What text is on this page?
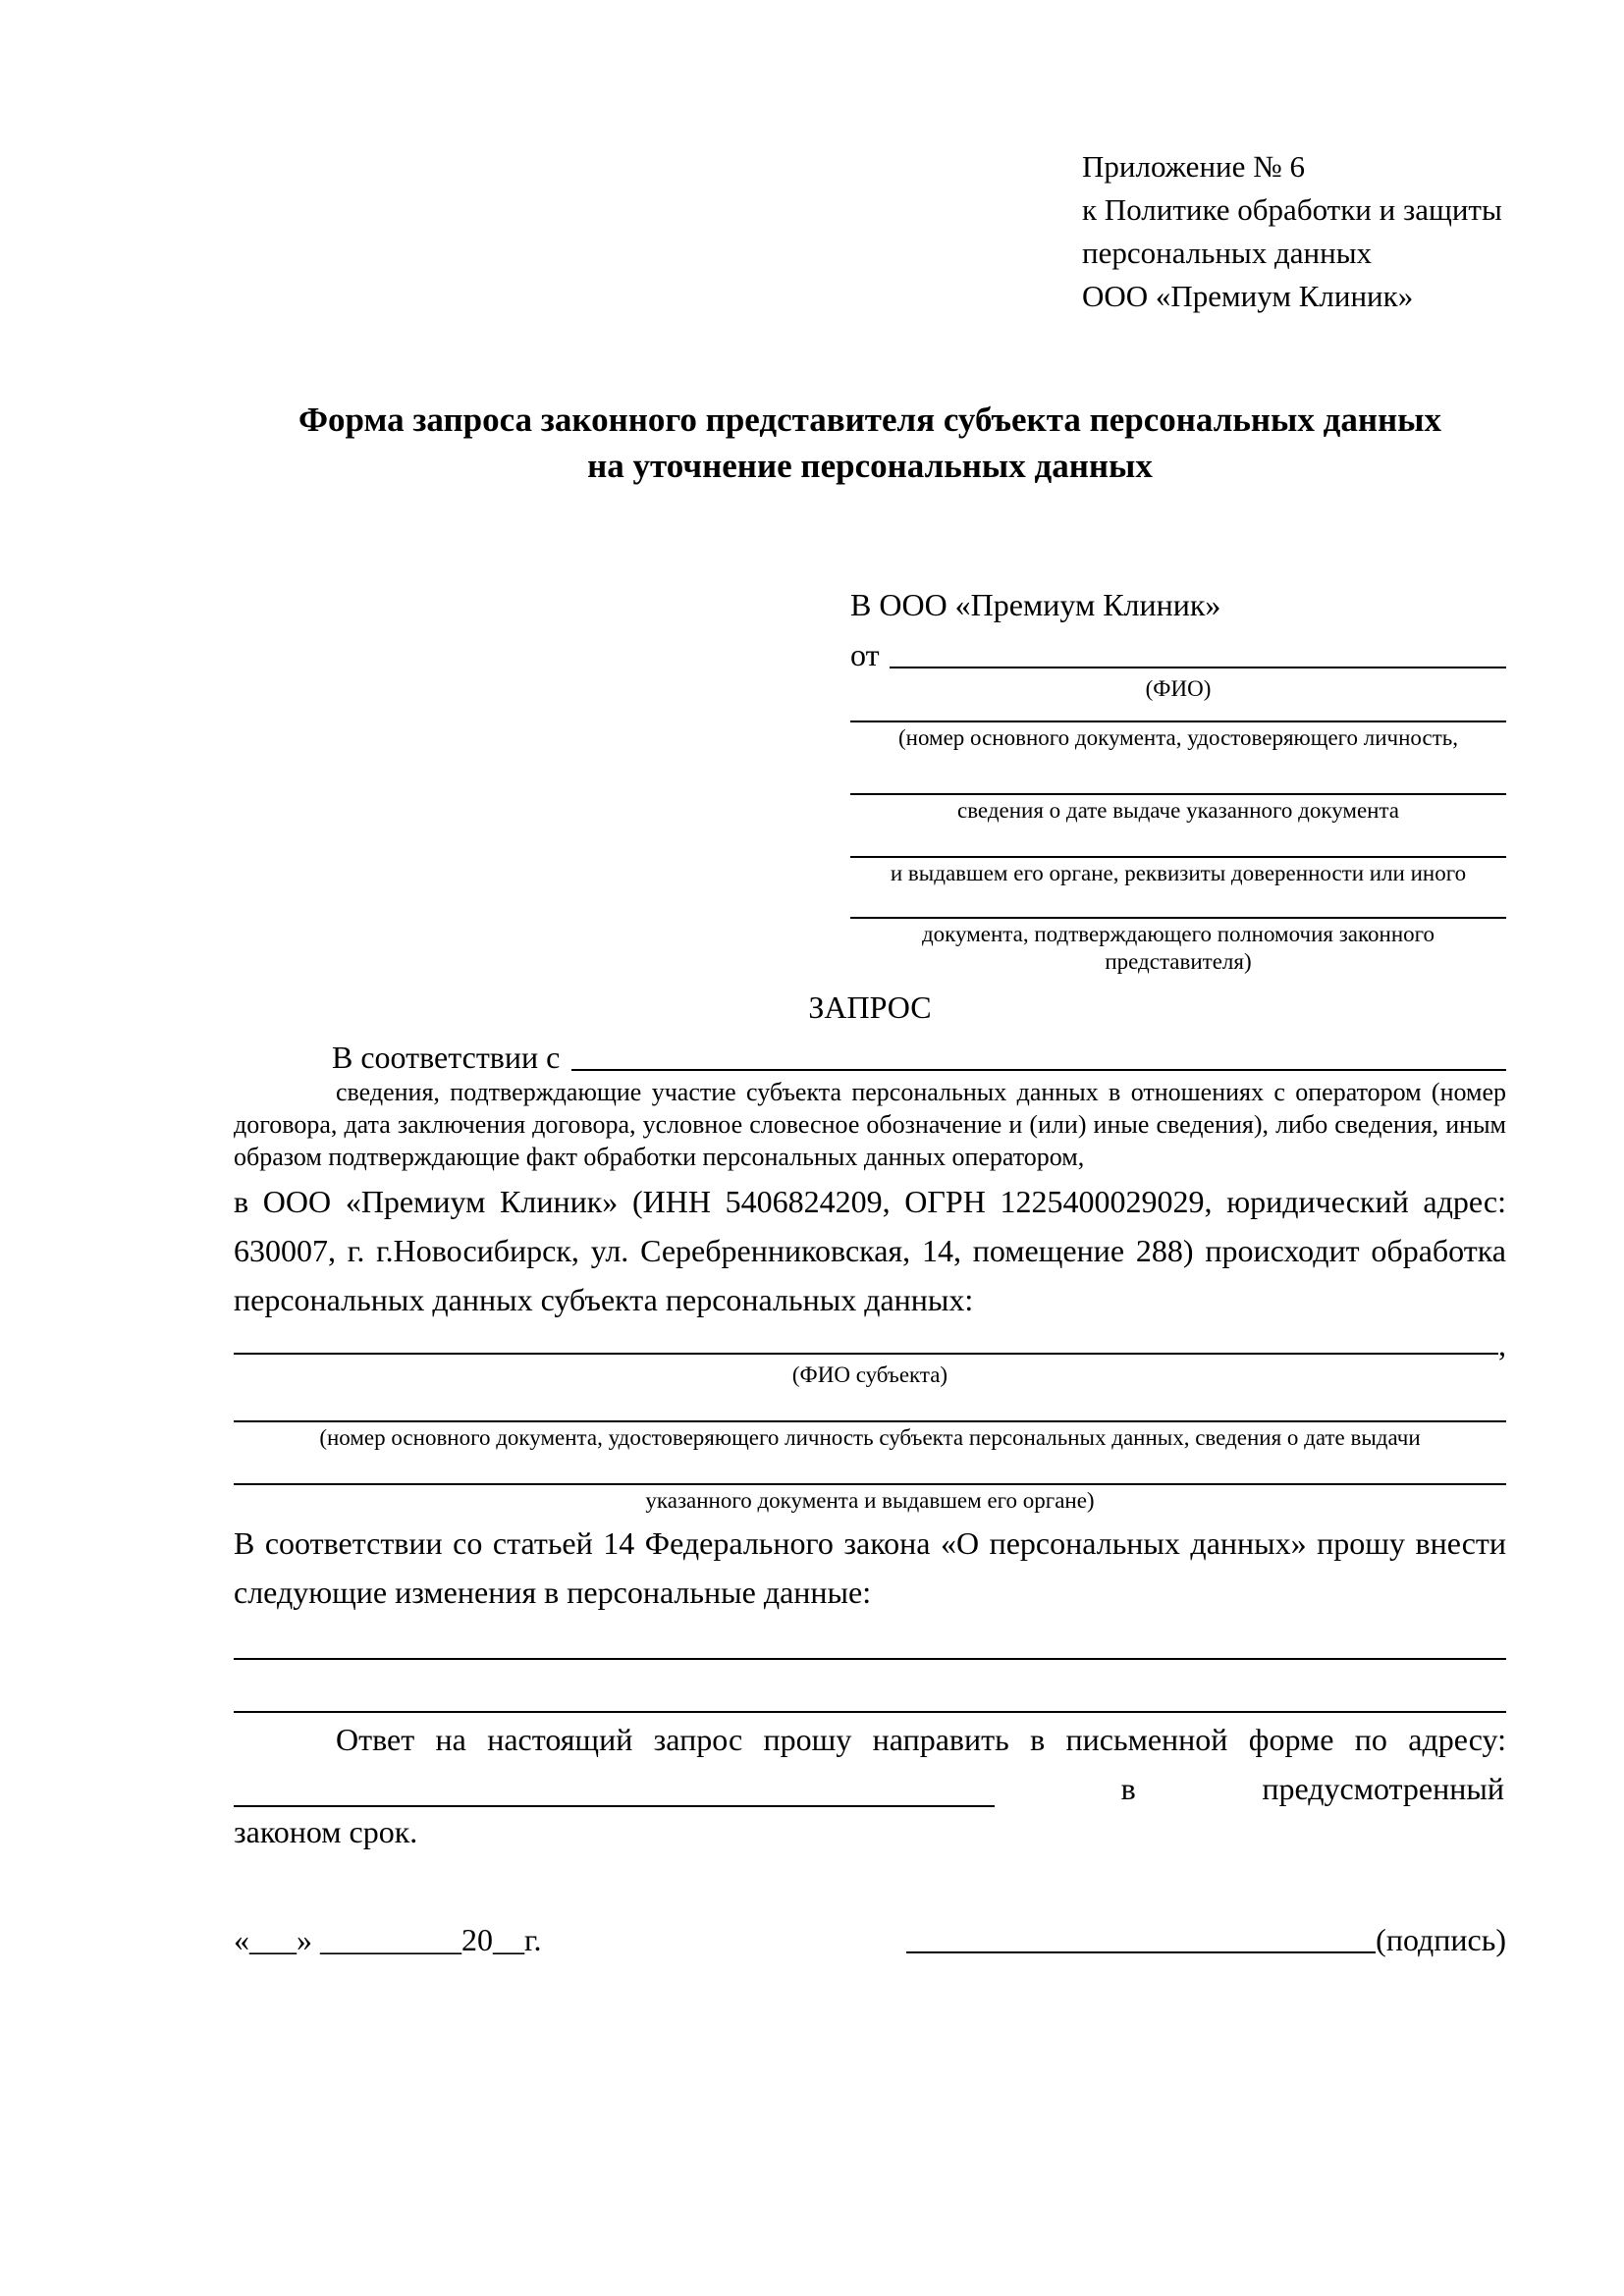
Приложение № 6
к Политике обработки и защиты
персональных данных
ООО «Премиум Клиник»
Форма запроса законного представителя субъекта персональных данных
на уточнение персональных данных
В ООО «Премиум Клиник»
от
(ФИО)
(номер основного документа, удостоверяющего личность,
сведения о дате выдаче указанного документа
и выдавшем его органе, реквизиты доверенности или иного
документа, подтверждающего полномочия законного представителя)
ЗАПРОС
В соответствии с

сведения, подтверждающие участие субъекта персональных данных в отношениях с оператором (номер договора, дата заключения договора, условное словесное обозначение и (или) иные сведения), либо сведения, иным образом подтверждающие факт обработки персональных данных оператором,

в ООО «Премиум Клиник» (ИНН 5406824209, ОГРН 1225400029029, юридический адрес: 630007, г. г.Новосибирск, ул. Серебренниковская, 14, помещение 288) происходит обработка персональных данных субъекта персональных данных:

,
(ФИО субъекта)
(номер основного документа, удостоверяющего личность субъекта персональных данных, сведения о дате выдачи
указанного документа и выдавшем его органе)

В соответствии со статьей 14 Федерального закона «О персональных данных» прошу внести следующие изменения в персональные данные:

Ответ на настоящий запрос прошу направить в письменной форме по адресу:

в	предусмотренный
законом срок.
«___» _________20__г.	(подпись)
